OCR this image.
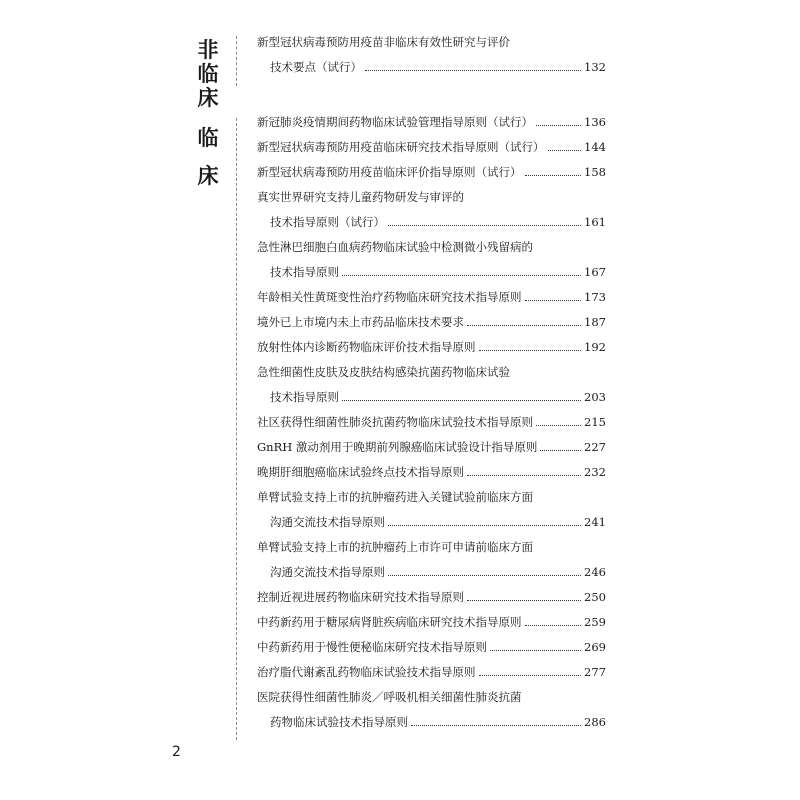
非
临
床
临
床
新型冠状病毒预防用疫苗非临床有效性研究与评价
技术要点（试行）	132
新冠肺炎疫情期间药物临床试验管理指导原则（试行）	136
新型冠状病毒预防用疫苗临床研究技术指导原则（试行）	144
新型冠状病毒预防用疫苗临床评价指导原则（试行）	158
真实世界研究支持儿童药物研发与审评的
技术指导原则（试行）	161
急性淋巴细胞白血病药物临床试验中检测微小残留病的
技术指导原则	167
年龄相关性黄斑变性治疗药物临床研究技术指导原则	173
境外已上市境内未上市药品临床技术要求	187
放射性体内诊断药物临床评价技术指导原则	192
急性细菌性皮肤及皮肤结构感染抗菌药物临床试验
技术指导原则	203
社区获得性细菌性肺炎抗菌药物临床试验技术指导原则	215
GnRH 激动剂用于晚期前列腺癌临床试验设计指导原则	227
晚期肝细胞癌临床试验终点技术指导原则	232
单臂试验支持上市的抗肿瘤药进入关键试验前临床方面
沟通交流技术指导原则	241
单臂试验支持上市的抗肿瘤药上市许可申请前临床方面
沟通交流技术指导原则	246
控制近视进展药物临床研究技术指导原则	250
中药新药用于糖尿病肾脏疾病临床研究技术指导原则	259
中药新药用于慢性便秘临床研究技术指导原则	269
治疗脂代谢紊乱药物临床试验技术指导原则	277
医院获得性细菌性肺炎／呼吸机相关细菌性肺炎抗菌
药物临床试验技术指导原则	286
2
